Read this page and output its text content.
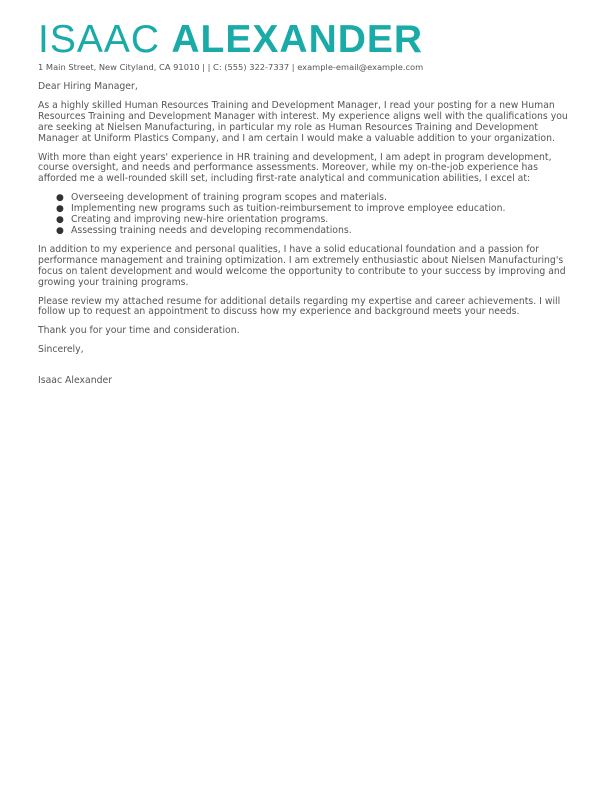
ISAAC ALEXANDER
1 Main Street, New Cityland, CA 91010 | | C: (555) 322-7337 | example-email@example.com

Dear Hiring Manager,

As a highly skilled Human Resources Training and Development Manager, I read your posting for a new Human Resources Training and Development Manager with interest. My experience aligns well with the qualifications you are seeking at Nielsen Manufacturing, in particular my role as Human Resources Training and Development Manager at Uniform Plastics Company, and I am certain I would make a valuable addition to your organization.

With more than eight years' experience in HR training and development, I am adept in program development, course oversight, and needs and performance assessments. Moreover, while my on-the-job experience has afforded me a well-rounded skill set, including first-rate analytical and communication abilities, I excel at:

● Overseeing development of training program scopes and materials.
● Implementing new programs such as tuition-reimbursement to improve employee education.
● Creating and improving new-hire orientation programs.
● Assessing training needs and developing recommendations.

In addition to my experience and personal qualities, I have a solid educational foundation and a passion for performance management and training optimization. I am extremely enthusiastic about Nielsen Manufacturing's focus on talent development and would welcome the opportunity to contribute to your success by improving and growing your training programs.

Please review my attached resume for additional details regarding my expertise and career achievements. I will follow up to request an appointment to discuss how my experience and background meets your needs.

Thank you for your time and consideration.

Sincerely,

Isaac Alexander
